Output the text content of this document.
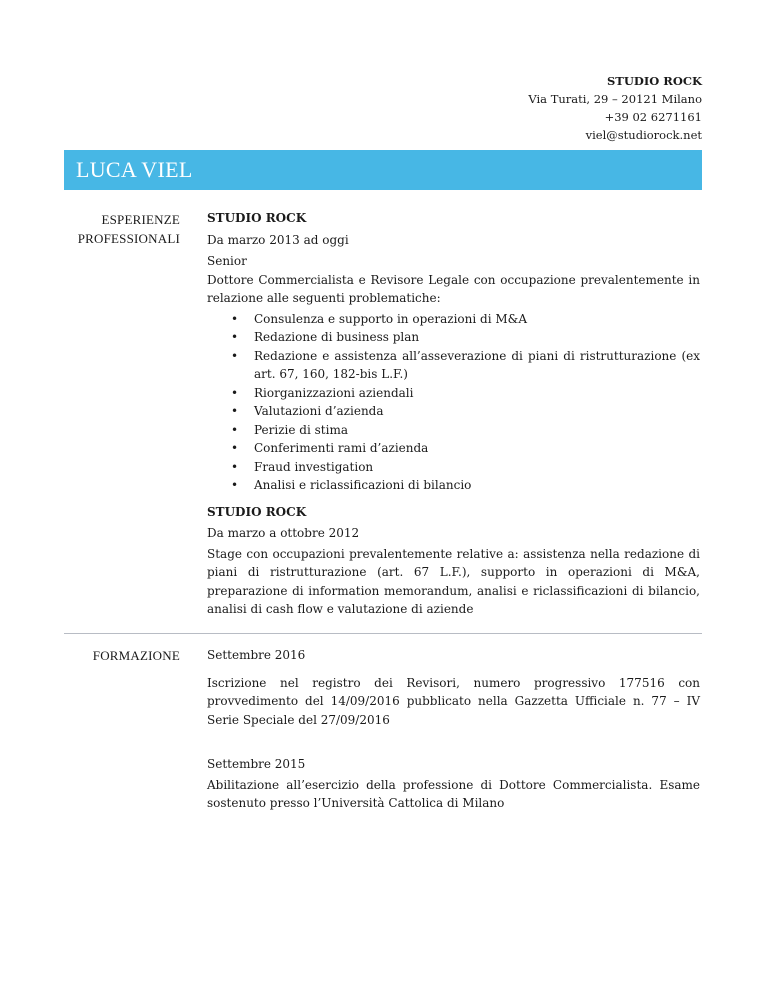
STUDIO ROCK
Via Turati, 29 – 20121 Milano
+39 02 6271161
viel@studiorock.net
LUCA VIEL
ESPERIENZE
PROFESSIONALI

STUDIO ROCK

Da marzo 2013 ad oggi

Senior

Dottore Commercialista e Revisore Legale con occupazione prevalentemente in relazione alle seguenti problematiche:

• Consulenza e supporto in operazioni di M&A
• Redazione di business plan
• Redazione e assistenza all’asseverazione di piani di ristrutturazione (ex art. 67, 160, 182-bis L.F.)
• Riorganizzazioni aziendali
• Valutazioni d’azienda
• Perizie di stima
• Conferimenti rami d’azienda
• Fraud investigation
• Analisi e riclassificazioni di bilancio

STUDIO ROCK

Da marzo a ottobre 2012

Stage con occupazioni prevalentemente relative a: assistenza nella redazione di piani di ristrutturazione (art. 67 L.F.), supporto in operazioni di M&A, preparazione di information memorandum, analisi e riclassificazioni di bilancio, analisi di cash flow e valutazione di aziende

FORMAZIONE Settembre 2016

Iscrizione nel registro dei Revisori, numero progressivo 177516 con provvedimento del 14/09/2016 pubblicato nella Gazzetta Ufficiale n. 77 – IV Serie Speciale del 27/09/2016

Settembre 2015

Abilitazione all’esercizio della professione di Dottore Commercialista. Esame sostenuto presso l’Università Cattolica di Milano
